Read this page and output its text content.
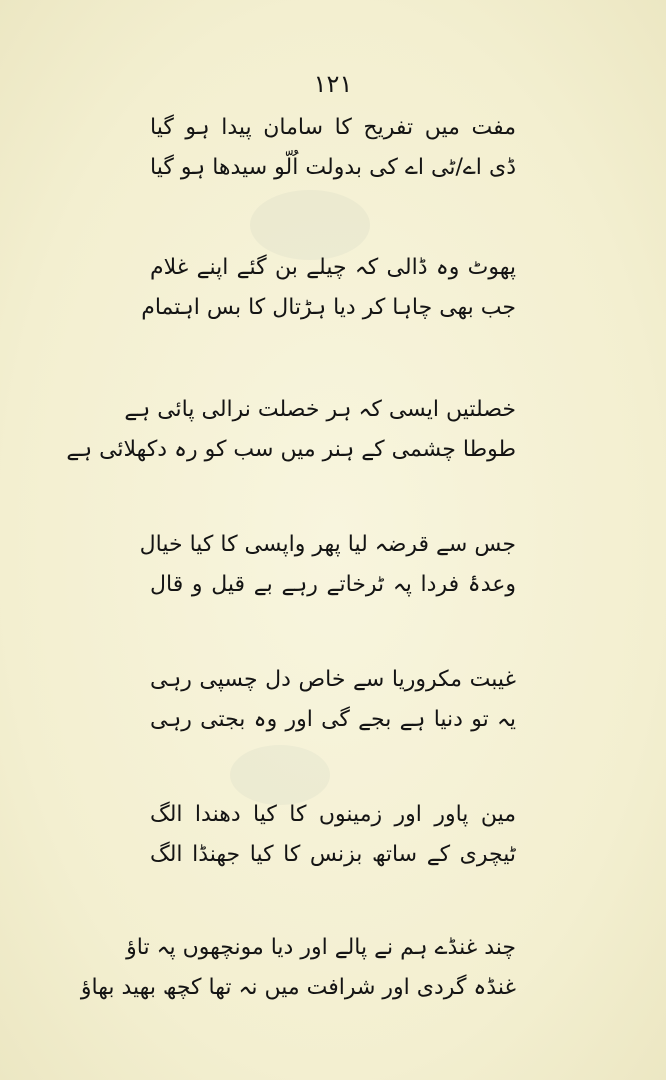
۱۲۱
مفت میں تفریح کا سامان پیدا ہو گیا
ڈی اے/ٹی اے کی بدولت اُلّو سیدھا ہو گیا
پھوٹ وہ ڈالی کہ چیلے بن گئے اپنے غلام
جب بھی چاہا کر دیا ہڑتال کا بس اہتمام
خصلتیں ایسی کہ ہر خصلت نرالی پائی ہے
طوطا چشمی کے ہنر میں سب کو رہ دکھلائی ہے
جس سے قرضہ لیا پھر واپسی کا کیا خیال
وعدۂ فردا پہ ٹرخاتے رہے بے قیل و قال
غیبت مکروریا سے خاص دل چسپی رہی
یہ تو دنیا ہے بجے گی اور وہ بجتی رہی
مین پاور اور زمینوں کا کیا دھندا الگ
ٹیچری کے ساتھ بزنس کا کیا جھنڈا الگ
چند غنڈے ہم نے پالے اور دیا مونچھوں پہ تاؤ
غنڈہ گردی اور شرافت میں نہ تھا کچھ بھید بھاؤ
